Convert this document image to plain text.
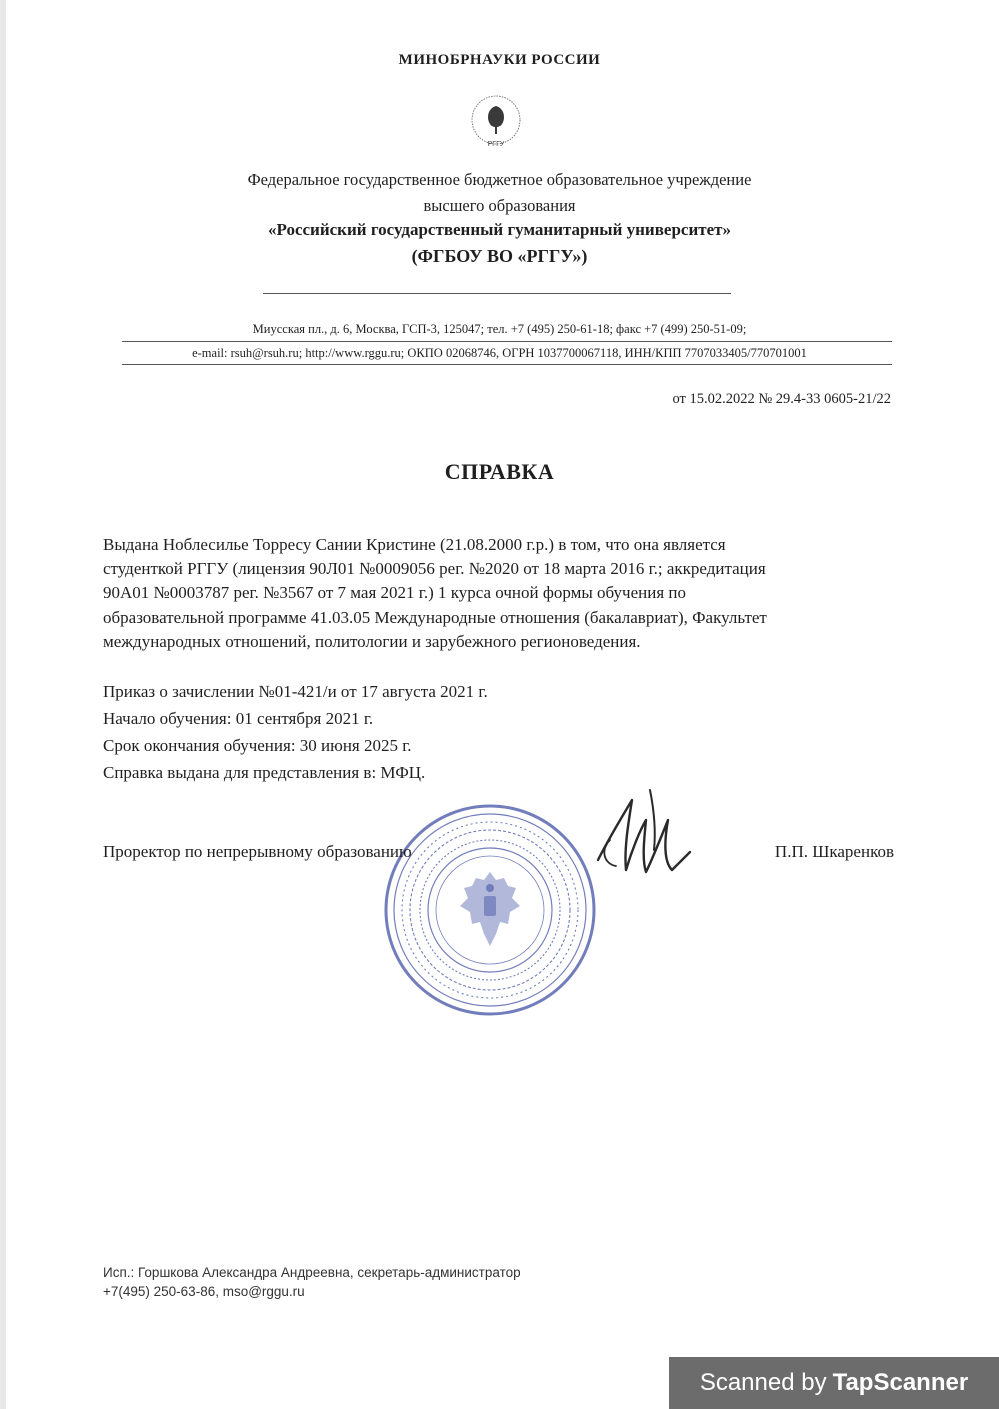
МИНОБРНАУКИ РОССИИ
РГГУ
Федеральное государственное бюджетное образовательное учреждение
высшего образования
«Российский государственный гуманитарный университет»
(ФГБОУ ВО «РГГУ»)
Миусская пл., д. 6, Москва, ГСП-3, 125047; тел. +7 (495) 250-61-18; факс +7 (499) 250-51-09;
e-mail: rsuh@rsuh.ru; http://www.rggu.ru; ОКПО 02068746, ОГРН 1037700067118, ИНН/КПП 7707033405/770701001
от 15.02.2022 № 29.4-33 0605-21/22
СПРАВКА
Выдана Ноблесилье Торресу Сании Кристине (21.08.2000 г.р.) в том, что она является
студенткой РГГУ (лицензия 90Л01 №0009056 рег. №2020 от 18 марта 2016 г.; аккредитация
90А01 №0003787 рег. №3567 от 7 мая 2021 г.) 1 курса очной формы обучения по
образовательной программе 41.03.05 Международные отношения (бакалавриат), Факультет
международных отношений, политологии и зарубежного регионоведения.
Приказ о зачислении №01-421/и от 17 августа 2021 г.
Начало обучения: 01 сентября 2021 г.
Срок окончания обучения: 30 июня 2025 г.
Справка выдана для представления в: МФЦ.
Проректор по непрерывному образованию	П.П. Шкаренков
Исп.: Горшкова Александра Андреевна, секретарь-администратор
+7(495) 250-63-86, mso@rggu.ru
Scanned by TapScanner
